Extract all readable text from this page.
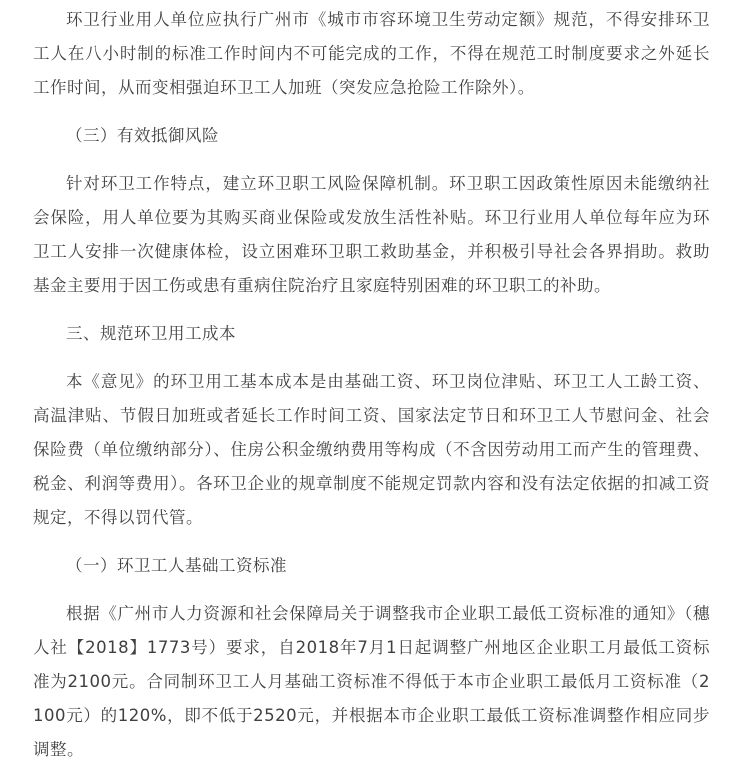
环卫行业用人单位应执行广州市《城市市容环境卫生劳动定额》规范，不得安排环卫工人在八小时制的标准工作时间内不可能完成的工作，不得在规范工时制度要求之外延长工作时间，从而变相强迫环卫工人加班（突发应急抢险工作除外）。

（三）有效抵御风险

针对环卫工作特点，建立环卫职工风险保障机制。环卫职工因政策性原因未能缴纳社会保险，用人单位要为其购买商业保险或发放生活性补贴。环卫行业用人单位每年应为环卫工人安排一次健康体检，设立困难环卫职工救助基金，并积极引导社会各界捐助。救助基金主要用于因工伤或患有重病住院治疗且家庭特别困难的环卫职工的补助。

三、规范环卫用工成本

本《意见》的环卫用工基本成本是由基础工资、环卫岗位津贴、环卫工人工龄工资、高温津贴、节假日加班或者延长工作时间工资、国家法定节日和环卫工人节慰问金、社会保险费（单位缴纳部分）、住房公积金缴纳费用等构成（不含因劳动用工而产生的管理费、税金、利润等费用）。各环卫企业的规章制度不能规定罚款内容和没有法定依据的扣减工资规定，不得以罚代管。

（一）环卫工人基础工资标准

根据《广州市人力资源和社会保障局关于调整我市企业职工最低工资标准的通知》（穗人社【2018】1773号）要求，自2018年7月1日起调整广州地区企业职工月最低工资标准为2100元。合同制环卫工人月基础工资标准不得低于本市企业职工最低月工资标准（2100元）的120%，即不低于2520元，并根据本市企业职工最低工资标准调整作相应同步调整。
